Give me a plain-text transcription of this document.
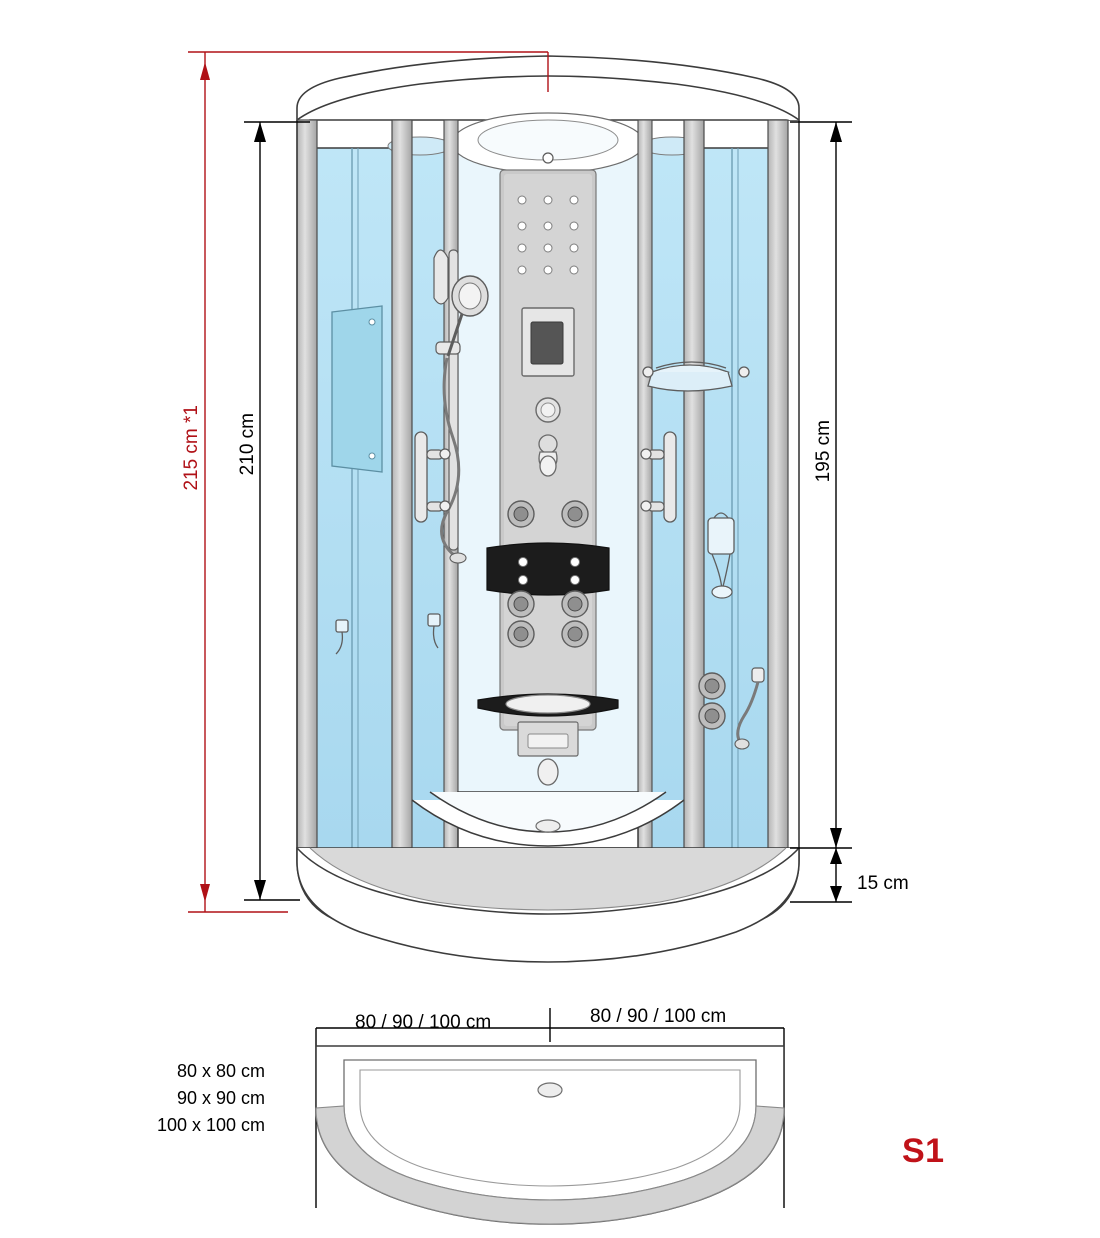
215 cm *1 210 cm	195 cm
15 cm
80 / 90 / 100 cm	80 / 90 / 100 cm
80 x 80 cm
90 x 90 cm
100 x 100 cm
S1
